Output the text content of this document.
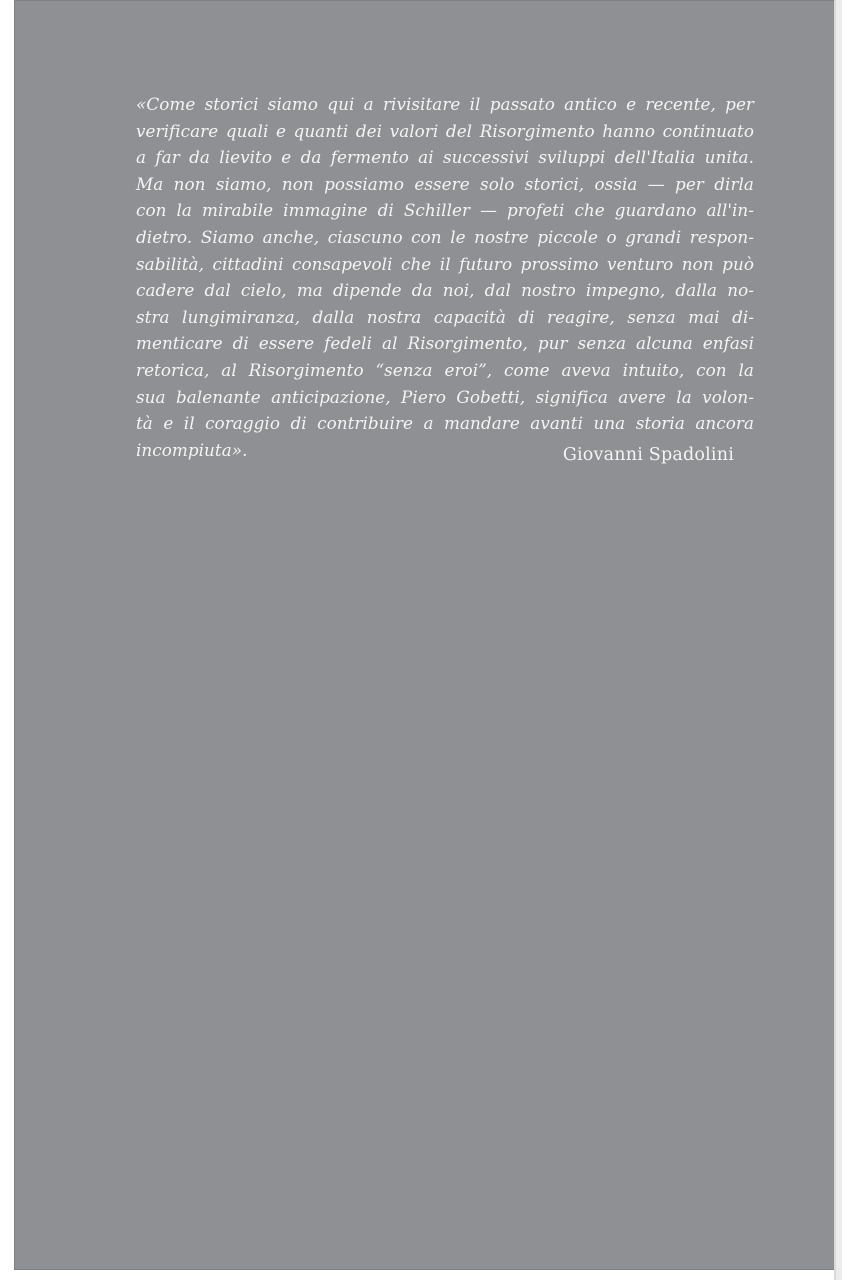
«Come storici siamo qui a rivisitare il passato antico e recente, per
verificare quali e quanti dei valori del Risorgimento hanno continuato
a far da lievito e da fermento ai successivi sviluppi dell'Italia unita.
Ma non siamo, non possiamo essere solo storici, ossia — per dirla
con la mirabile immagine di Schiller — profeti che guardano all'in-
dietro. Siamo anche, ciascuno con le nostre piccole o grandi respon-
sabilità, cittadini consapevoli che il futuro prossimo venturo non può
cadere dal cielo, ma dipende da noi, dal nostro impegno, dalla no-
stra lungimiranza, dalla nostra capacità di reagire, senza mai di-
menticare di essere fedeli al Risorgimento, pur senza alcuna enfasi
retorica, al Risorgimento “senza eroi”, come aveva intuito, con la
sua balenante anticipazione, Piero Gobetti, significa avere la volon-
tà e il coraggio di contribuire a mandare avanti una storia ancora
incompiuta».	Giovanni Spadolini
